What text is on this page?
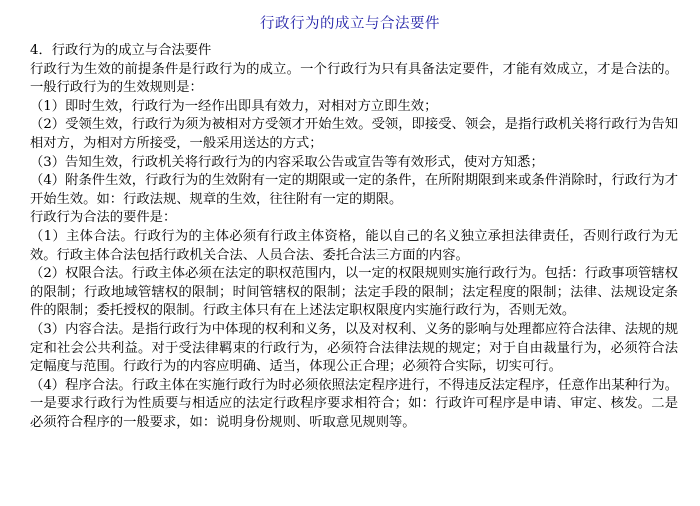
行政行为的成立与合法要件

4．行政行为的成立与合法要件

行政行为生效的前提条件是行政行为的成立。一个行政行为只有具备法定要件，才能有效成立，才是合法的。一般行政行为的生效规则是：

（1）即时生效，行政行为一经作出即具有效力，对相对方立即生效；

（2）受领生效，行政行为须为被相对方受领才开始生效。受领，即接受、领会，是指行政机关将行政行为告知相对方，为相对方所接受，一般采用送达的方式；

（3）告知生效，行政机关将行政行为的内容采取公告或宣告等有效形式，使对方知悉；

（4）附条件生效，行政行为的生效附有一定的期限或一定的条件，在所附期限到来或条件消除时，行政行为才开始生效。如：行政法规、规章的生效，往往附有一定的期限。

行政行为合法的要件是：

（1）主体合法。行政行为的主体必须有行政主体资格，能以自己的名义独立承担法律责任，否则行政行为无效。行政主体合法包括行政机关合法、人员合法、委托合法三方面的内容。

（2）权限合法。行政主体必须在法定的职权范围内，以一定的权限规则实施行政行为。包括：行政事项管辖权的限制；行政地域管辖权的限制；时间管辖权的限制；法定手段的限制；法定程度的限制；法律、法规设定条件的限制；委托授权的限制。行政主体只有在上述法定职权限度内实施行政行为，否则无效。

（3）内容合法。是指行政行为中体现的权利和义务，以及对权利、义务的影响与处理都应符合法律、法规的规定和社会公共利益。对于受法律羁束的行政行为，必须符合法律法规的规定；对于自由裁量行为，必须符合法定幅度与范围。行政行为的内容应明确、适当，体现公正合理；必须符合实际，切实可行。

（4）程序合法。行政主体在实施行政行为时必须依照法定程序进行，不得违反法定程序，任意作出某种行为。一是要求行政行为性质要与相适应的法定行政程序要求相符合；如：行政许可程序是申请、审定、核发。二是必须符合程序的一般要求，如：说明身份规则、听取意见规则等。
